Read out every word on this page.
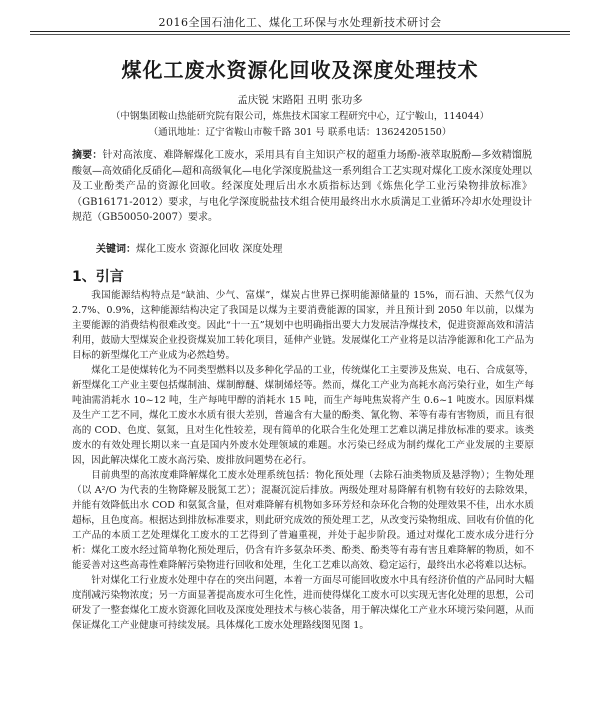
2016全国石油化工、煤化工环保与水处理新技术研讨会
煤化工废水资源化回收及深度处理技术
孟庆锐 宋路阳 丑明 张功多
（中钢集团鞍山热能研究院有限公司，炼焦技术国家工程研究中心，辽宁鞍山，114044）
（通讯地址：辽宁省鞍山市鞍千路 301 号 联系电话：13624205150）
摘要：针对高浓度、难降解煤化工废水，采用具有自主知识产权的超重力场酚-液萃取脱酚—多效精馏脱酸氨—高效硝化反硝化—超和高级氧化—电化学深度脱盐这一系列组合工艺实现对煤化工废水深度处理以及工业酚类产品的资源化回收。经深度处理后出水水质指标达到《炼焦化学工业污染物排放标准》（GB16171-2012）要求，与电化学深度脱盐技术组合使用最终出水水质满足工业循环冷却水处理设计规范（GB50050-2007）要求。
关键词：煤化工废水 资源化回收 深度处理
1、引言

我国能源结构特点是“缺油、少气、富煤”，煤炭占世界已探明能源储量的 15%，而石油、天然气仅为 2.7%、0.9%，这种能源结构决定了我国是以煤为主要消费能源的国家，并且预计到 2050 年以前，以煤为主要能源的消费结构很难改变。因此“十一五”规划中也明确指出要大力发展洁净煤技术，促进资源高效和清洁利用，鼓励大型煤炭企业投资煤炭加工转化项目，延伸产业链。发展煤化工产业将是以洁净能源和化工产品为目标的新型煤化工产业成为必然趋势。

煤化工是使煤转化为不同类型燃料以及多种化学品的工业，传统煤化工主要涉及焦炭、电石、合成氨等，新型煤化工产业主要包括煤制油、煤制醇醚、煤制烯烃等。然而，煤化工产业为高耗水高污染行业，如生产每吨油需消耗水 10~12 吨，生产每吨甲醇的消耗水 15 吨，而生产每吨焦炭将产生 0.6~1 吨废水。因原料煤及生产工艺不同，煤化工废水水质有很大差别，普遍含有大量的酚类、氰化物、苯等有毒有害物质，而且有很高的 COD、色度、氨氮，且对生化性较差，现有简单的化联合生化处理工艺难以满足排放标准的要求。该类废水的有效处理长期以来一直是国内外废水处理领域的难题。水污染已经成为制约煤化工产业发展的主要原因，因此解决煤化工废水高污染、废排放问题势在必行。

目前典型的高浓度难降解煤化工废水处理系统包括：物化预处理（去除石油类物质及悬浮物）；生物处理（以 A²/O 为代表的生物降解及脱氮工艺）；混凝沉淀后排放。两级处理对易降解有机物有较好的去除效果，并能有效降低出水 COD 和氨氮含量，但对难降解有机物如多环芳烃和杂环化合物的处理效果不佳，出水水质超标，且色度高。根据达到排放标准要求，则此研究成效的预处理工艺，从改变污染物组成、回收有价值的化工产品的本质工艺处理煤化工废水的工艺得到了普遍重视，并处于起步阶段。通过对煤化工废水成分进行分析：煤化工废水经过简单物化预处理后，仍含有许多氨杂环类、酚类、酚类等有毒有害且难降解的物质，如不能妥善对这些高毒性难降解污染物进行回收和处理，生化工艺难以高效、稳定运行，最终出水必将难以达标。

针对煤化工行业废水处理中存在的突出问题，本着一方面尽可能回收废水中具有经济价值的产品同时大幅度削减污染物浓度；另一方面显著提高废水可生化性，进而使得煤化工废水可以实现无害化处理的思想，公司研发了一整套煤化工废水资源化回收及深度处理技术与核心装备，用于解决煤化工产业水环境污染问题，从而保证煤化工产业健康可持续发展。具体煤化工废水处理路线图见图 1。
